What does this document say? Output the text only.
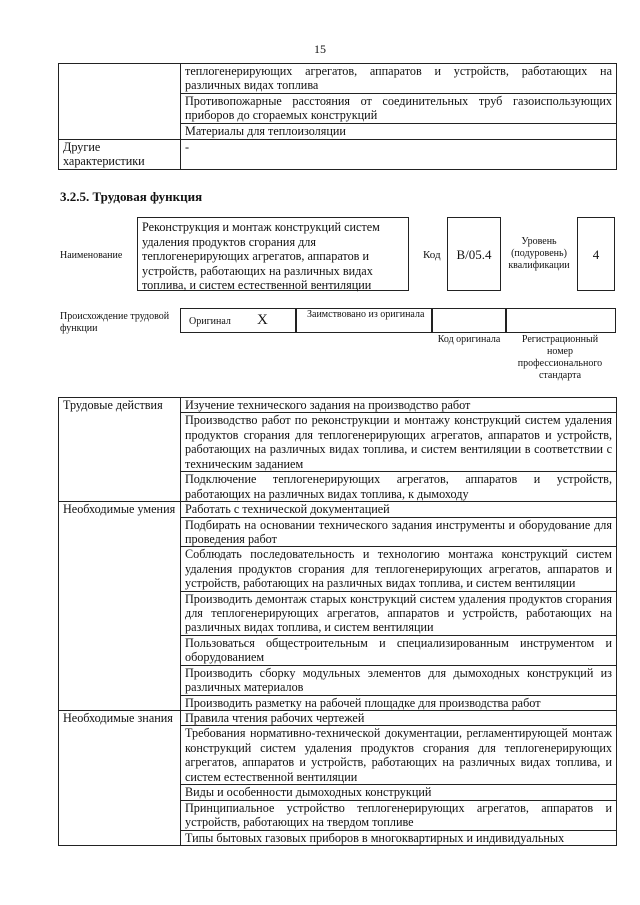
15
	теплогенерирующих агрегатов, аппаратов и устройств, работающих на различных видах топлива
	Противопожарные расстояния от соединительных труб газоиспользующих приборов до сгораемых конструкций
	Материалы для теплоизоляции
Другие характеристики	-
3.2.5. Трудовая функция
Наименование
Реконструкция и монтаж конструкций систем удаления продуктов сгорания для теплогенерирующих агрегатов, аппаратов и устройств, работающих на различных видах топлива, и систем естественной вентиляции
Код	B/05.4
Уровень (подуровень) квалификации
4
Происхождение трудовой функции
Оригинал X	Заимствовано из оригинала
Код оригинала	Регистрационный номер профессионального стандарта
Трудовые действия	Изучение технического задания на производство работ
	Производство работ по реконструкции и монтажу конструкций систем удаления продуктов сгорания для теплогенерирующих агрегатов, аппаратов и устройств, работающих на различных видах топлива, и систем вентиляции в соответствии с техническим заданием
	Подключение теплогенерирующих агрегатов, аппаратов и устройств, работающих на различных видах топлива, к дымоходу
Необходимые умения	Работать с технической документацией
	Подбирать на основании технического задания инструменты и оборудование для проведения работ
	Соблюдать последовательность и технологию монтажа конструкций систем удаления продуктов сгорания для теплогенерирующих агрегатов, аппаратов и устройств, работающих на различных видах топлива, и систем вентиляции
	Производить демонтаж старых конструкций систем удаления продуктов сгорания для теплогенерирующих агрегатов, аппаратов и устройств, работающих на различных видах топлива, и систем вентиляции
	Пользоваться общестроительным и специализированным инструментом и оборудованием
	Производить сборку модульных элементов для дымоходных конструкций из различных материалов
	Производить разметку на рабочей площадке для производства работ
Необходимые знания	Правила чтения рабочих чертежей
	Требования нормативно-технической документации, регламентирующей монтаж конструкций систем удаления продуктов сгорания для теплогенерирующих агрегатов, аппаратов и устройств, работающих на различных видах топлива, и систем естественной вентиляции
	Виды и особенности дымоходных конструкций
	Принципиальное устройство теплогенерирующих агрегатов, аппаратов и устройств, работающих на твердом топливе
	Типы бытовых газовых приборов в многоквартирных и индивидуальных
